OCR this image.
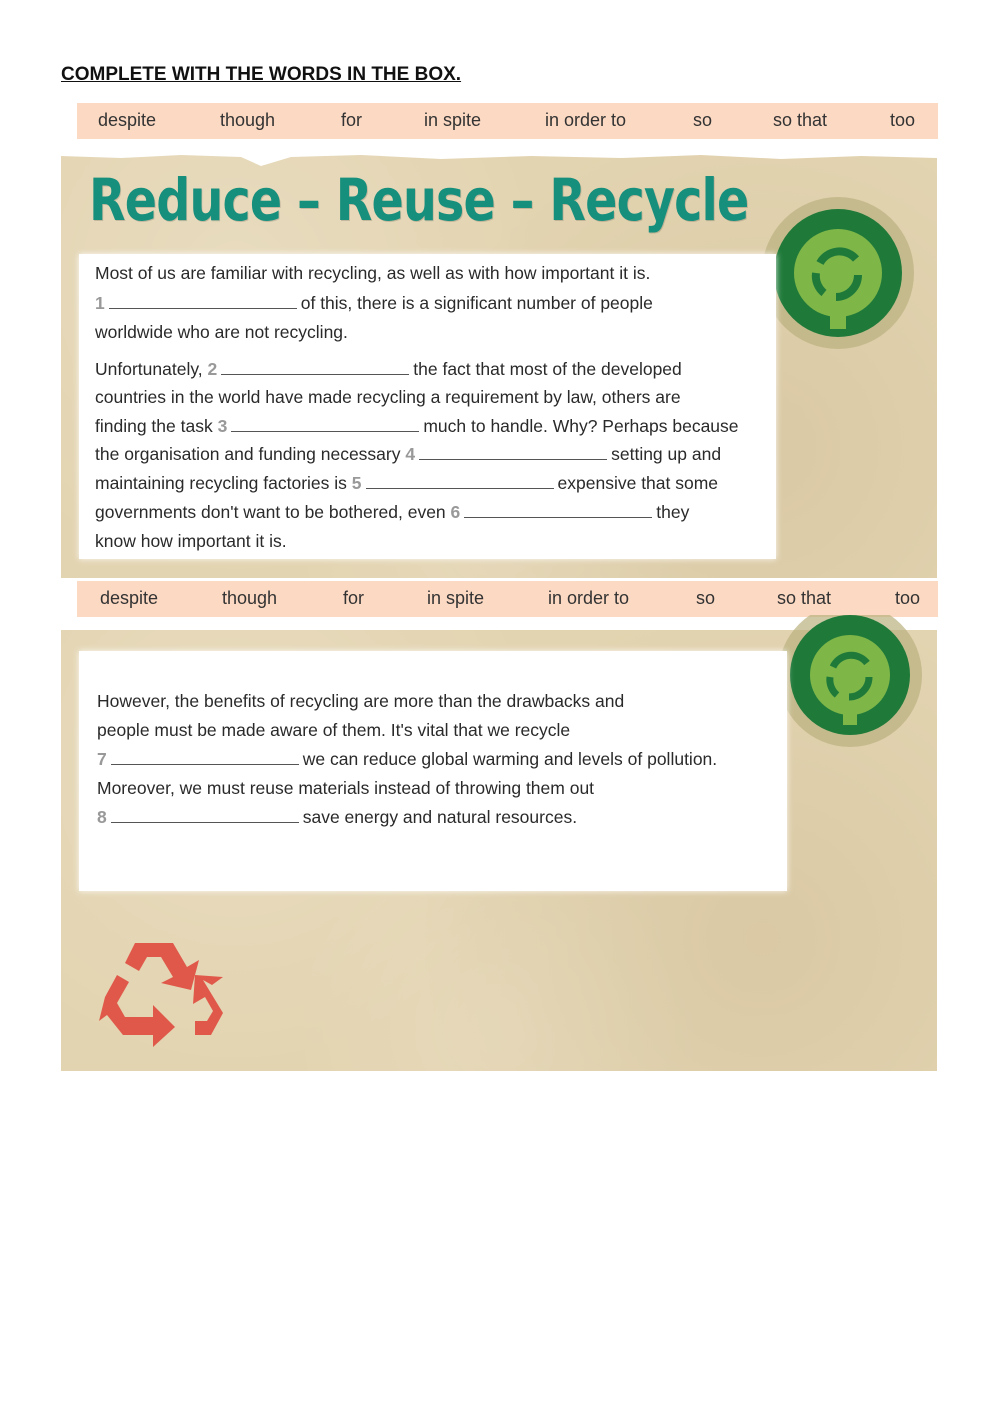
COMPLETE WITH THE WORDS IN THE BOX.
despite	though	for	in spite	in order to	so	so that	too
Reduce – Reuse – Recycle
Most of us are familiar with recycling, as well as with how important it is.
1	of this, there is a significant number of people
worldwide who are not recycling.
Unfortunately, 2	the fact that most of the developed
countries in the world have made recycling a requirement by law, others are
finding the task 3	much to handle. Why? Perhaps because
the organisation and funding necessary 4	setting up and
maintaining recycling factories is 5	expensive that some
governments don't want to be bothered, even 6	they
know how important it is.
despite	though	for	in spite	in order to	so	so that	too
However, the benefits of recycling are more than the drawbacks and
people must be made aware of them. It's vital that we recycle
7	we can reduce global warming and levels of pollution.
Moreover, we must reuse materials instead of throwing them out
8	save energy and natural resources.
